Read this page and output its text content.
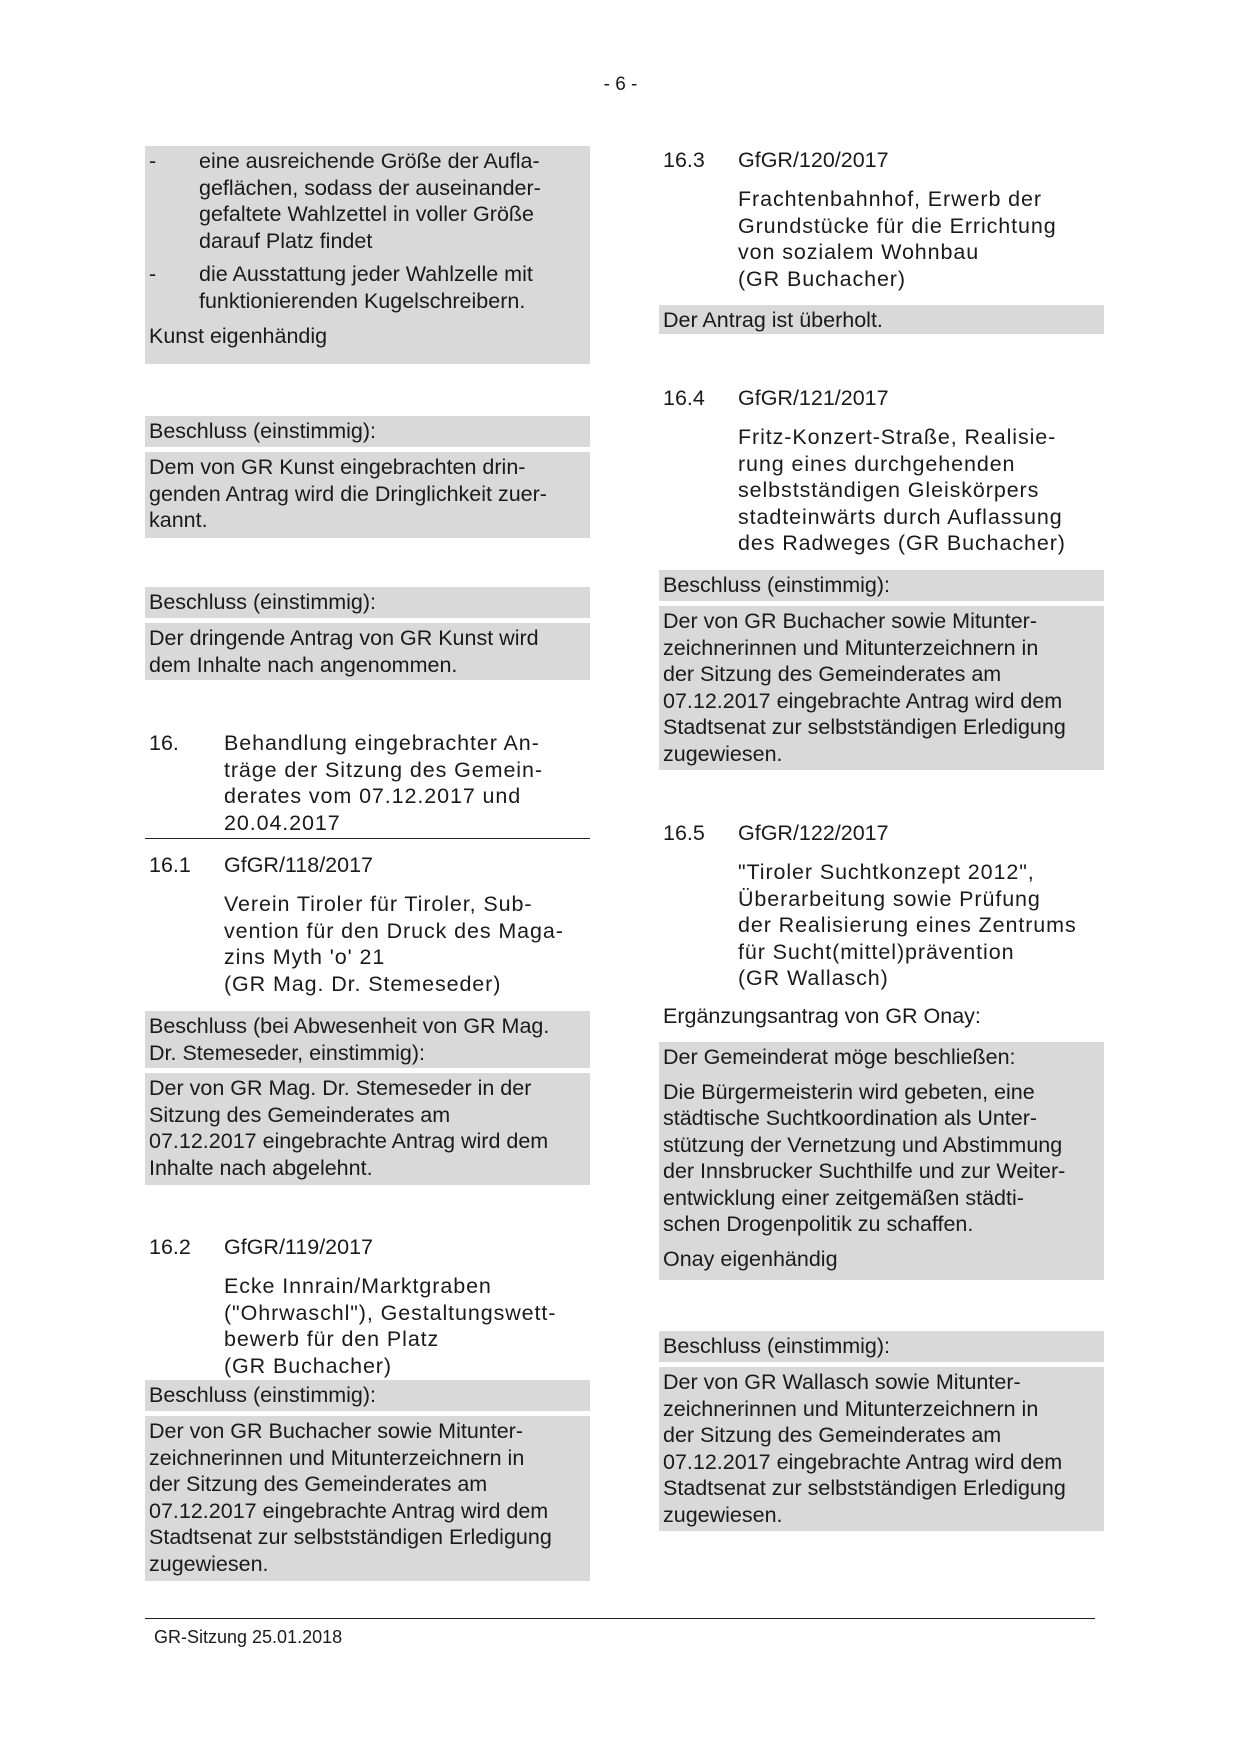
- 6 -
- eine ausreichende Größe der Aufla-
geflächen, sodass der auseinander-
gefaltete Wahlzettel in voller Größe
darauf Platz findet
- die Ausstattung jeder Wahlzelle mit
funktionierenden Kugelschreibern.
Kunst eigenhändig
Beschluss (einstimmig):
Dem von GR Kunst eingebrachten drin-
genden Antrag wird die Dringlichkeit zuer-
kannt.
Beschluss (einstimmig):
Der dringende Antrag von GR Kunst wird
dem Inhalte nach angenommen.
16. Behandlung eingebrachter An-
träge der Sitzung des Gemein-
derates vom 07.12.2017 und
20.04.2017
16.1 GfGR/118/2017
Verein Tiroler für Tiroler, Sub-
vention für den Druck des Maga-
zins Myth 'o' 21
(GR Mag. Dr. Stemeseder)
Beschluss (bei Abwesenheit von GR Mag.
Dr. Stemeseder, einstimmig):
Der von GR Mag. Dr. Stemeseder in der
Sitzung des Gemeinderates am
07.12.2017 eingebrachte Antrag wird dem
Inhalte nach abgelehnt.
16.2 GfGR/119/2017
Ecke Innrain/Marktgraben
("Ohrwaschl"), Gestaltungswett-
bewerb für den Platz
(GR Buchacher)
Beschluss (einstimmig):
Der von GR Buchacher sowie Mitunter-
zeichnerinnen und Mitunterzeichnern in
der Sitzung des Gemeinderates am
07.12.2017 eingebrachte Antrag wird dem
Stadtsenat zur selbstständigen Erledigung
zugewiesen.
16.3 GfGR/120/2017
Frachtenbahnhof, Erwerb der
Grundstücke für die Errichtung
von sozialem Wohnbau
(GR Buchacher)
Der Antrag ist überholt.
16.4 GfGR/121/2017
Fritz-Konzert-Straße, Realisie-
rung eines durchgehenden
selbstständigen Gleiskörpers
stadteinwärts durch Auflassung
des Radweges (GR Buchacher)
Beschluss (einstimmig):
Der von GR Buchacher sowie Mitunter-
zeichnerinnen und Mitunterzeichnern in
der Sitzung des Gemeinderates am
07.12.2017 eingebrachte Antrag wird dem
Stadtsenat zur selbstständigen Erledigung
zugewiesen.
16.5 GfGR/122/2017
"Tiroler Suchtkonzept 2012",
Überarbeitung sowie Prüfung
der Realisierung eines Zentrums
für Sucht(mittel)prävention
(GR Wallasch)
Ergänzungsantrag von GR Onay:
Der Gemeinderat möge beschließen:
Die Bürgermeisterin wird gebeten, eine
städtische Suchtkoordination als Unter-
stützung der Vernetzung und Abstimmung
der Innsbrucker Suchthilfe und zur Weiter-
entwicklung einer zeitgemäßen städti-
schen Drogenpolitik zu schaffen.
Onay eigenhändig
Beschluss (einstimmig):
Der von GR Wallasch sowie Mitunter-
zeichnerinnen und Mitunterzeichnern in
der Sitzung des Gemeinderates am
07.12.2017 eingebrachte Antrag wird dem
Stadtsenat zur selbstständigen Erledigung
zugewiesen.
GR-Sitzung 25.01.2018
